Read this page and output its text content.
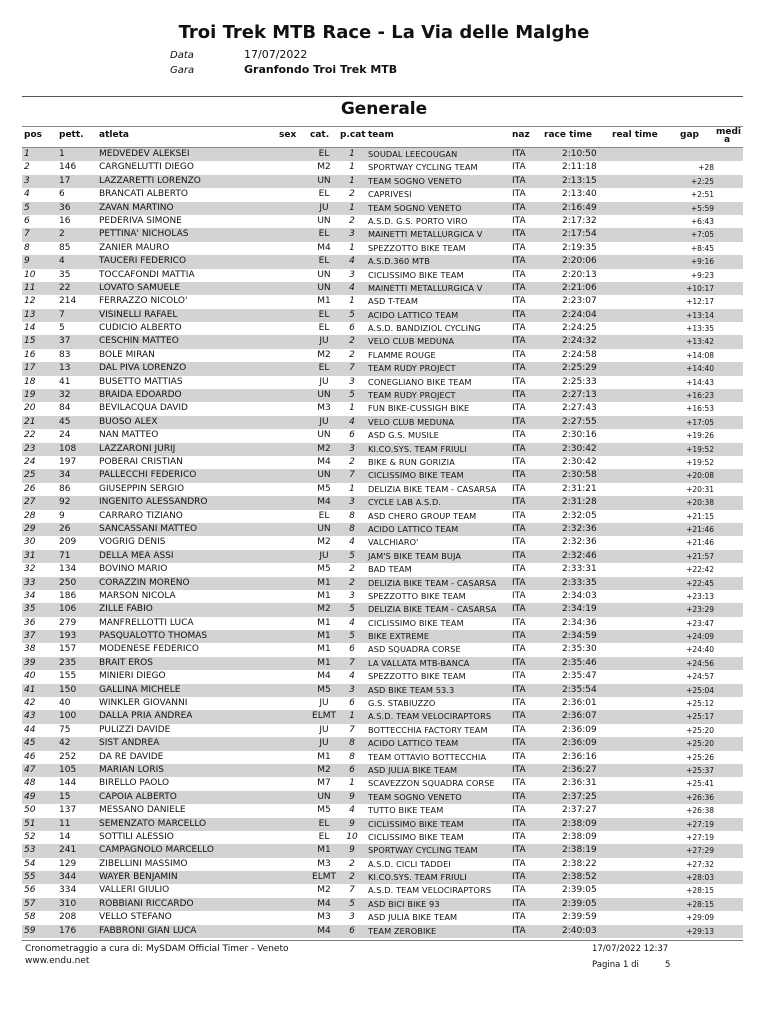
Troi Trek MTB Race - La Via delle Malghe
Data	17/07/2022
Gara	Granfondo Troi Trek MTB
Generale
pos pett. atleta	sex cat. p.cat team	naz race time real time gap medi a
1	1	MEDVEDEV ALEKSEI	EL	1	SOUDAL LEECOUGAN	ITA	2:10:50
2	146	CARGNELUTTI DIEGO	M2	1	SPORTWAY CYCLING TEAM	ITA	2:11:18	+28
3	17	LAZZARETTI LORENZO	UN	1	TEAM SOGNO VENETO	ITA	2:13:15	+2:25
4	6	BRANCATI ALBERTO	EL	2	CAPRIVESI	ITA	2:13:40	+2:51
5	36	ZAVAN MARTINO	JU	1	TEAM SOGNO VENETO	ITA	2:16:49	+5:59
6	16	PEDERIVA SIMONE	UN	2	A.S.D. G.S. PORTO VIRO	ITA	2:17:32	+6:43
7	2	PETTINA' NICHOLAS	EL	3	MAINETTI METALLURGICA V	ITA	2:17:54	+7:05
8	85	ZANIER MAURO	M4	1	SPEZZOTTO BIKE TEAM	ITA	2:19:35	+8:45
9	4	TAUCERI FEDERICO	EL	4	A.S.D.360 MTB	ITA	2:20:06	+9:16
10	35	TOCCAFONDI MATTIA	UN	3	CICLISSIMO BIKE TEAM	ITA	2:20:13	+9:23
11	22	LOVATO SAMUELE	UN	4	MAINETTI METALLURGICA V	ITA	2:21:06	+10:17
12	214	FERRAZZO NICOLO'	M1	1	ASD T-TEAM	ITA	2:23:07	+12:17
13	7	VISINELLI RAFAEL	EL	5	ACIDO LATTICO TEAM	ITA	2:24:04	+13:14
14	5	CUDICIO ALBERTO	EL	6	A.S.D. BANDIZIOL CYCLING	ITA	2:24:25	+13:35
15	37	CESCHIN MATTEO	JU	2	VELO CLUB MEDUNA	ITA	2:24:32	+13:42
16	83	BOLE MIRAN	M2	2	FLAMME ROUGE	ITA	2:24:58	+14:08
17	13	DAL PIVA LORENZO	EL	7	TEAM RUDY PROJECT	ITA	2:25:29	+14:40
18	41	BUSETTO MATTIAS	JU	3	CONEGLIANO BIKE TEAM	ITA	2:25:33	+14:43
19	32	BRAIDA EDOARDO	UN	5	TEAM RUDY PROJECT	ITA	2:27:13	+16:23
20	84	BEVILACQUA DAVID	M3	1	FUN BIKE-CUSSIGH BIKE	ITA	2:27:43	+16:53
21	45	BUOSO ALEX	JU	4	VELO CLUB MEDUNA	ITA	2:27:55	+17:05
22	24	NAN MATTEO	UN	6	ASD G.S. MUSILE	ITA	2:30:16	+19:26
23	108	LAZZARONI JURIJ	M2	3	KI.CO.SYS. TEAM FRIULI	ITA	2:30:42	+19:52
24	197	POBERAI CRISTIAN	M4	2	BIKE & RUN GORIZIA	ITA	2:30:42	+19:52
25	34	PALLECCHI FEDERICO	UN	7	CICLISSIMO BIKE TEAM	ITA	2:30:58	+20:08
26	86	GIUSEPPIN SERGIO	M5	1	DELIZIA BIKE TEAM - CASARSA ITA	2:31:21	+20:31
27	92	INGENITO ALESSANDRO	M4	3	CYCLE LAB A.S.D.	ITA	2:31:28	+20:38
28	9	CARRARO TIZIANO	EL	8	ASD CHERO GROUP TEAM	ITA	2:32:05	+21:15
29	26	SANCASSANI MATTEO	UN	8	ACIDO LATTICO TEAM	ITA	2:32:36	+21:46
30	209	VOGRIG DENIS	M2	4	VALCHIARO'	ITA	2:32:36	+21:46
31	71	DELLA MEA ASSI	JU	5	JAM'S BIKE TEAM BUJA	ITA	2:32:46	+21:57
32	134	BOVINO MARIO	M5	2	BAD TEAM	ITA	2:33:31	+22:42
33	250	CORAZZIN MORENO	M1	2	DELIZIA BIKE TEAM - CASARSA ITA	2:33:35	+22:45
34	186	MARSON NICOLA	M1	3	SPEZZOTTO BIKE TEAM	ITA	2:34:03	+23:13
35	106	ZILLE FABIO	M2	5	DELIZIA BIKE TEAM - CASARSA ITA	2:34:19	+23:29
36	279	MANFRELLOTTI LUCA	M1	4	CICLISSIMO BIKE TEAM	ITA	2:34:36	+23:47
37	193	PASQUALOTTO THOMAS	M1	5	BIKE EXTREME	ITA	2:34:59	+24:09
38	157	MODENESE FEDERICO	M1	6	ASD SQUADRA CORSE	ITA	2:35:30	+24:40
39	235	BRAIT EROS	M1	7	LA VALLATA MTB-BANCA	ITA	2:35:46	+24:56
40	155	MINIERI DIEGO	M4	4	SPEZZOTTO BIKE TEAM	ITA	2:35:47	+24:57
41	150	GALLINA MICHELE	M5	3	ASD BIKE TEAM 53.3	ITA	2:35:54	+25:04
42	40	WINKLER GIOVANNI	JU	6	G.S. STABIUZZO	ITA	2:36:01	+25:12
43	100	DALLA PRIA ANDREA	ELMT	1	A.S.D. TEAM VELOCIRAPTORS ITA	2:36:07	+25:17
44	75	PULIZZI DAVIDE	JU	7	BOTTECCHIA FACTORY TEAM	ITA	2:36:09	+25:20
45	42	SIST ANDREA	JU	8	ACIDO LATTICO TEAM	ITA	2:36:09	+25:20
46	252	DA RE DAVIDE	M1	8	TEAM OTTAVIO BOTTECCHIA	ITA	2:36:16	+25:26
47	105	MARIAN LORIS	M2	6	ASD JULIA BIKE TEAM	ITA	2:36:27	+25:37
48	144	BIRELLO PAOLO	M7	1	SCAVEZZON SQUADRA CORSE ITA	2:36:31	+25:41
49	15	CAPOIA ALBERTO	UN	9	TEAM SOGNO VENETO	ITA	2:37:25	+26:36
50	137	MESSANO DANIELE	M5	4	TUTTO BIKE TEAM	ITA	2:37:27	+26:38
51	11	SEMENZATO MARCELLO	EL	9	CICLISSIMO BIKE TEAM	ITA	2:38:09	+27:19
52	14	SOTTILI ALESSIO	EL	10 CICLISSIMO BIKE TEAM	ITA	2:38:09	+27:19
53	241	CAMPAGNOLO MARCELLO	M1	9	SPORTWAY CYCLING TEAM	ITA	2:38:19	+27:29
54	129	ZIBELLINI MASSIMO	M3	2	A.S.D. CICLI TADDEI	ITA	2:38:22	+27:32
55	344	WAYER BENJAMIN	ELMT	2	KI.CO.SYS. TEAM FRIULI	ITA	2:38:52	+28:03
56	334	VALLERI GIULIO	M2	7	A.S.D. TEAM VELOCIRAPTORS ITA	2:39:05	+28:15
57	310	ROBBIANI RICCARDO	M4	5	ASD BICI BIKE 93	ITA	2:39:05	+28:15
58	208	VELLO STEFANO	M3	3	ASD JULIA BIKE TEAM	ITA	2:39:59	+29:09
59	176	FABBRONI GIAN LUCA	M4	6	TEAM ZEROBIKE	ITA	2:40:03	+29:13
Cronometraggio a cura di: MySDAM Official Timer - Veneto
www.endu.net
17/07/2022 12:37
Pagina 1 di	5
